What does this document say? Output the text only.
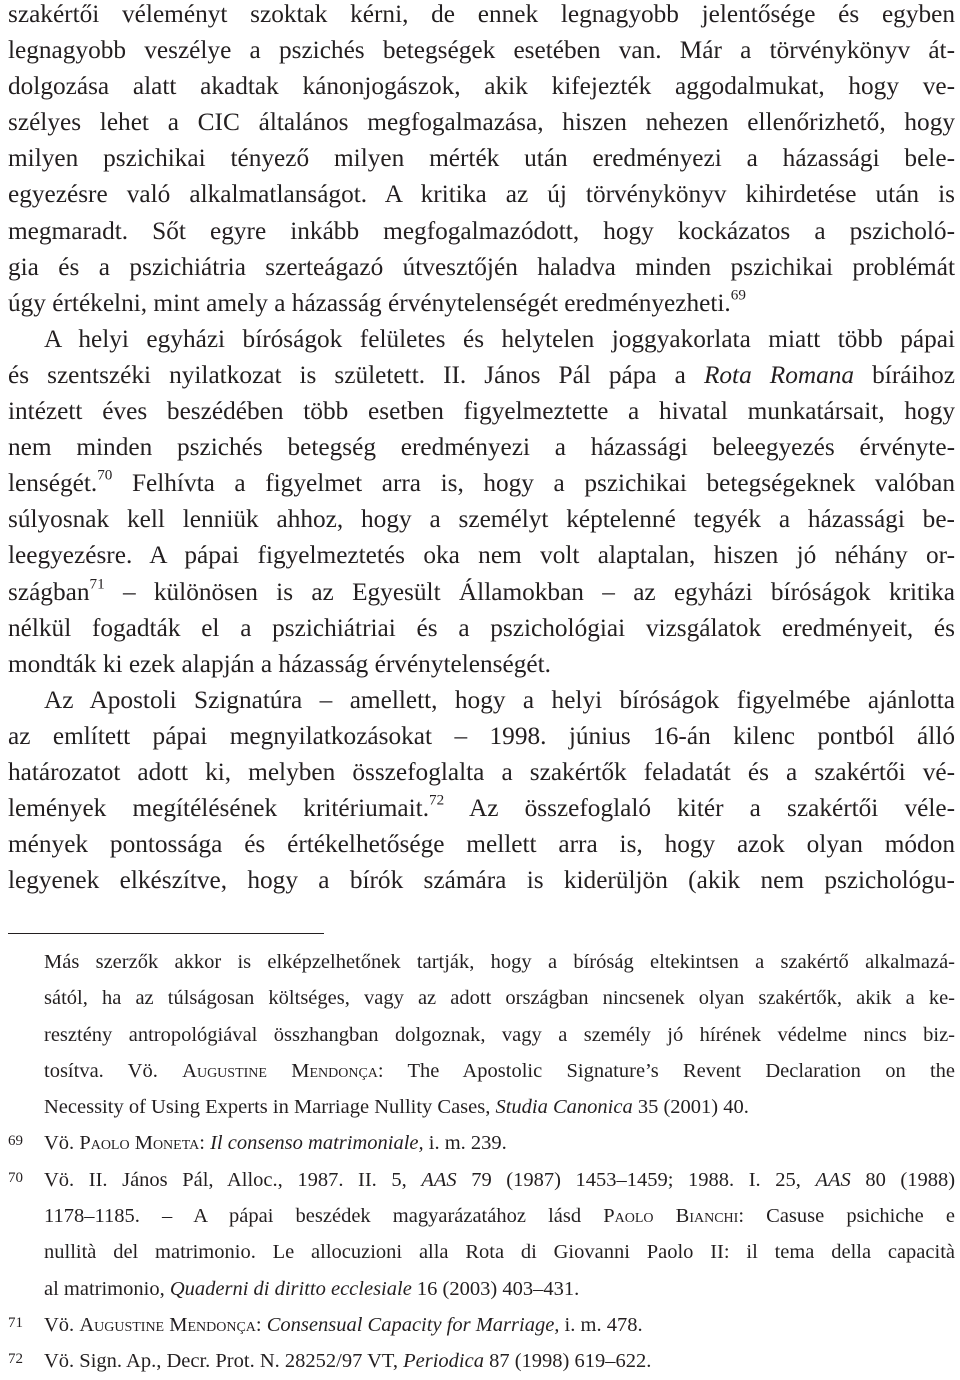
szakértői véleményt szoktak kérni, de ennek legnagyobb jelentősége és egyben
legnagyobb veszélye a pszichés betegségek esetében van. Már a törvénykönyv át-
dolgozása alatt akadtak kánonjogászok, akik kifejezték aggodalmukat, hogy ve-
szélyes lehet a CIC általános megfogalmazása, hiszen nehezen ellenőrizhető, hogy
milyen pszichikai tényező milyen mérték után eredményezi a házassági bele-
egyezésre való alkalmatlanságot. A kritika az új törvénykönyv kihirdetése után is
megmaradt. Sőt egyre inkább megfogalmazódott, hogy kockázatos a pszicholó-
gia és a pszichiátria szerteágazó útvesztőjén haladva minden pszichikai problémát
úgy értékelni, mint amely a házasság érvénytelenségét eredményezheti.$^{69}$
A helyi egyházi bíróságok felületes és helytelen joggyakorlata miatt több pápai
és szentszéki nyilatkozat is született. II. János Pál pápa a Rota Romana bíráihoz
intézett éves beszédében több esetben figyelmeztette a hivatal munkatársait, hogy
nem minden pszichés betegség eredményezi a házassági beleegyezés érvényte-
lenségét.$^{70}$ Felhívta a figyelmet arra is, hogy a pszichikai betegségeknek valóban
súlyosnak kell lenniük ahhoz, hogy a személyt képtelenné tegyék a házassági be-
leegyezésre. A pápai figyelmeztetés oka nem volt alaptalan, hiszen jó néhány or-
szágban$^{71}$ – különösen is az Egyesült Államokban – az egyházi bíróságok kritika
nélkül fogadták el a pszichiátriai és a pszichológiai vizsgálatok eredményeit, és
mondták ki ezek alapján a házasság érvénytelenségét.
Az Apostoli Szignatúra – amellett, hogy a helyi bíróságok figyelmébe ajánlotta
az említett pápai megnyilatkozásokat – 1998. június 16-án kilenc pontból álló
határozatot adott ki, melyben összefoglalta a szakértők feladatát és a szakértői vé-
lemények megítélésének kritériumait.$^{72}$ Az összefoglaló kitér a szakértői véle-
mények pontossága és értékelhetősége mellett arra is, hogy azok olyan módon
legyenek elkészítve, hogy a bírók számára is kiderüljön (akik nem pszichológu-
Más szerzők akkor is elképzelhetőnek tartják, hogy a bíróság eltekintsen a szakértő alkalmazá-
sától, ha az túlságosan költséges, vagy az adott országban nincsenek olyan szakértők, akik a ke-
resztény antropológiával összhangban dolgoznak, vagy a személy jó hírének védelme nincs biz-
tosítva. Vö. Augustine Mendonça: The Apostolic Signature’s Revent Declaration on the
Necessity of Using Experts in Marriage Nullity Cases, Studia Canonica 35 (2001) 40.
69 Vö. Paolo Moneta: Il consenso matrimoniale, i. m. 239.
70 Vö. II. János Pál, Alloc., 1987. II. 5, AAS 79 (1987) 1453–1459; 1988. I. 25, AAS 80 (1988)
1178–1185. – A pápai beszédek magyarázatához lásd Paolo Bianchi: Casuse psichiche e
nullità del matrimonio. Le allocuzioni alla Rota di Giovanni Paolo II: il tema della capacità
al matrimonio, Quaderni di diritto ecclesiale 16 (2003) 403–431.
71 Vö. Augustine Mendonça: Consensual Capacity for Marriage, i. m. 478.
72 Vö. Sign. Ap., Decr. Prot. N. 28252/97 VT, Periodica 87 (1998) 619–622.
